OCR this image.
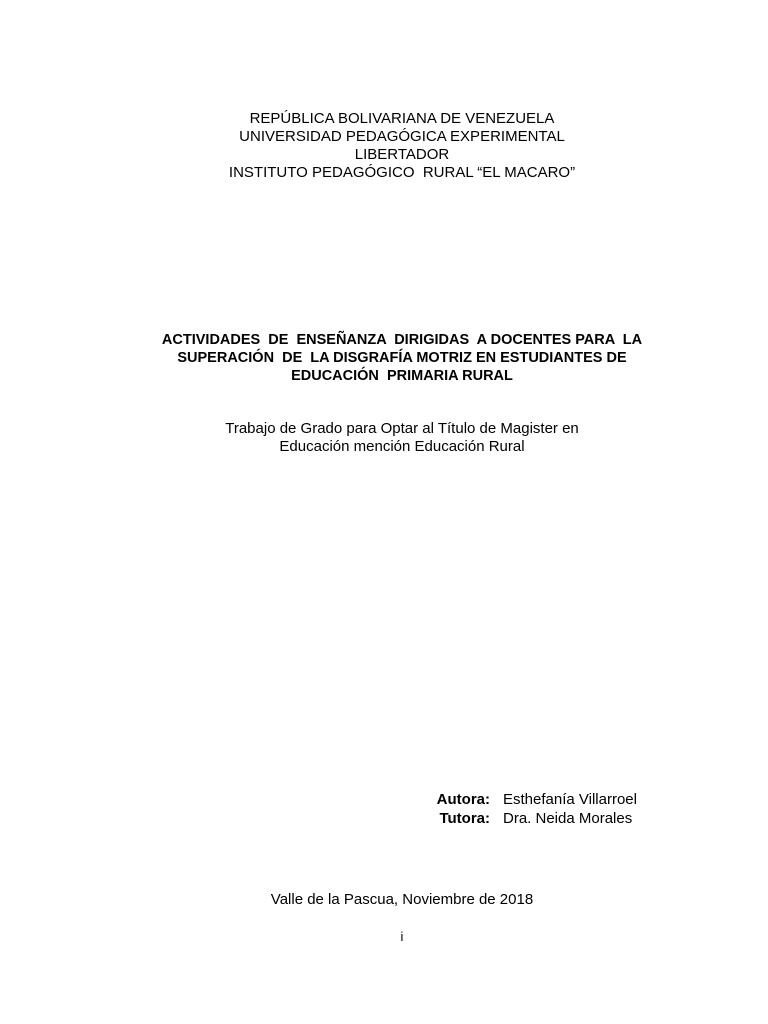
REPÚBLICA BOLIVARIANA DE VENEZUELA
UNIVERSIDAD PEDAGÓGICA EXPERIMENTAL
LIBERTADOR
INSTITUTO PEDAGÓGICO  RURAL “EL MACARO”
ACTIVIDADES  DE  ENSEÑANZA  DIRIGIDAS  A DOCENTES PARA  LA
SUPERACIÓN  DE  LA DISGRAFÍA MOTRIZ EN ESTUDIANTES DE
EDUCACIÓN  PRIMARIA RURAL
Trabajo de Grado para Optar al Título de Magister en
Educación mención Educación Rural
Autora: Esthefanía Villarroel
Tutora: Dra. Neida Morales
Valle de la Pascua, Noviembre de 2018
i
